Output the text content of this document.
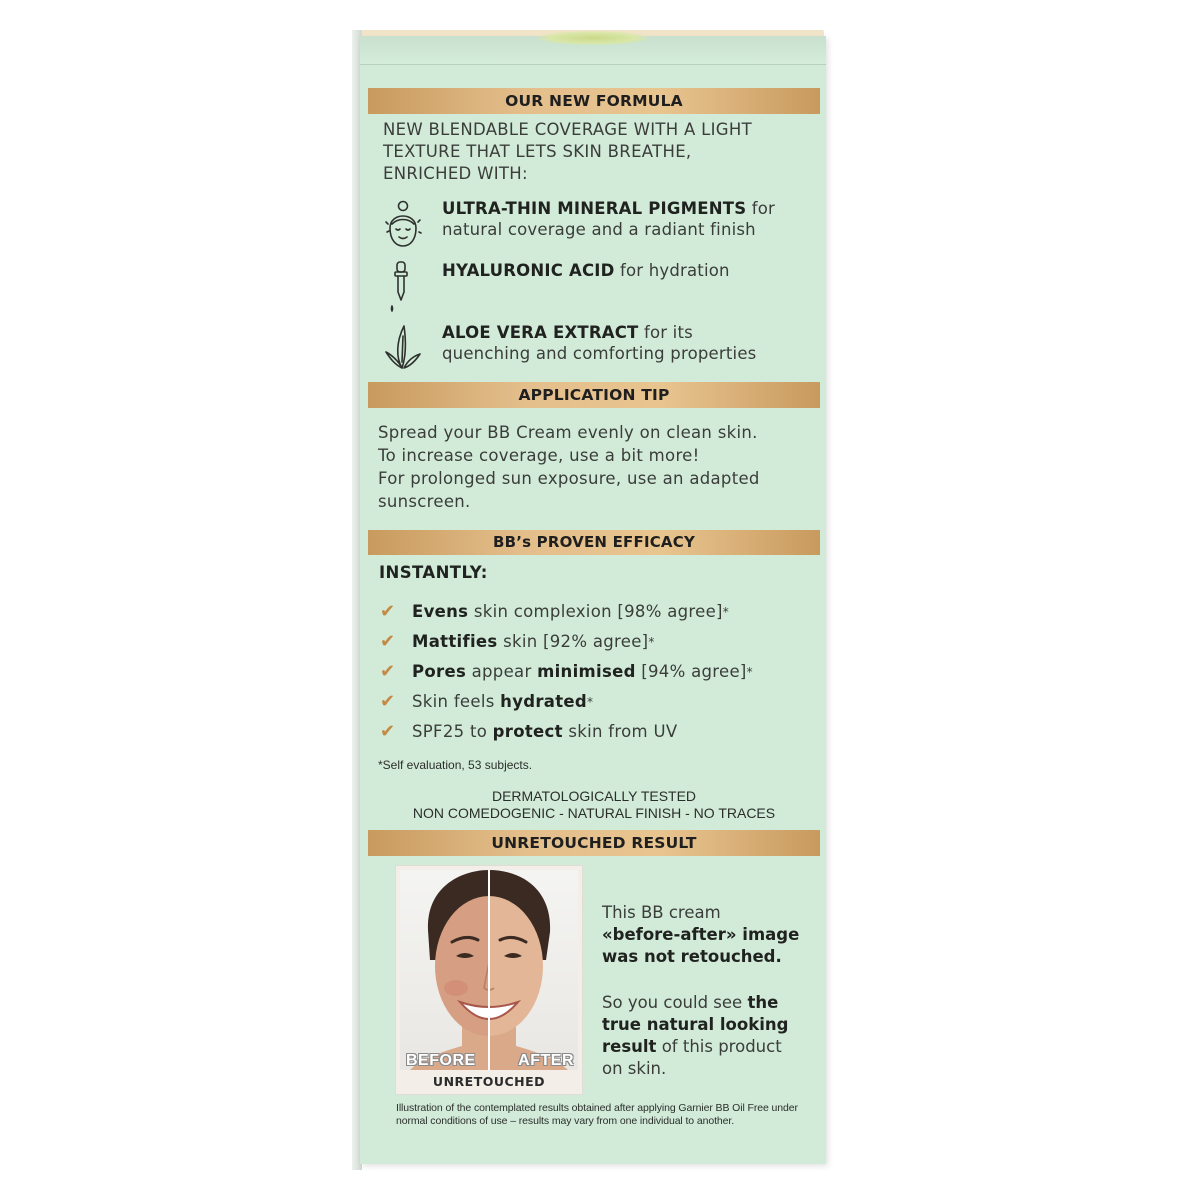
OUR NEW FORMULA
NEW BLENDABLE COVERAGE WITH A LIGHT
TEXTURE THAT LETS SKIN BREATHE,
ENRICHED WITH:
ULTRA-THIN MINERAL PIGMENTS for
natural coverage and a radiant finish
HYALURONIC ACID for hydration
ALOE VERA EXTRACT for its
quenching and comforting properties
APPLICATION TIP
Spread your BB Cream evenly on clean skin.
To increase coverage, use a bit more!
For prolonged sun exposure, use an adapted
sunscreen.
BB’s PROVEN EFFICACY
INSTANTLY:
✔ Evens skin complexion [98% agree]*
✔ Mattifies skin [92% agree]*
✔ Pores appear minimised [94% agree]*
✔ Skin feels hydrated*
✔ SPF25 to protect skin from UV
*Self evaluation, 53 subjects.
DERMATOLOGICALLY TESTED
NON COMEDOGENIC - NATURAL FINISH - NO TRACES
UNRETOUCHED RESULT
BEFORE	AFTER
UNRETOUCHED
This BB cream
«before-after» image
was not retouched.
So you could see the
true natural looking
result of this product
on skin.
Illustration of the contemplated results obtained after applying Garnier BB Oil Free under normal conditions of use – results may vary from one individual to another.
